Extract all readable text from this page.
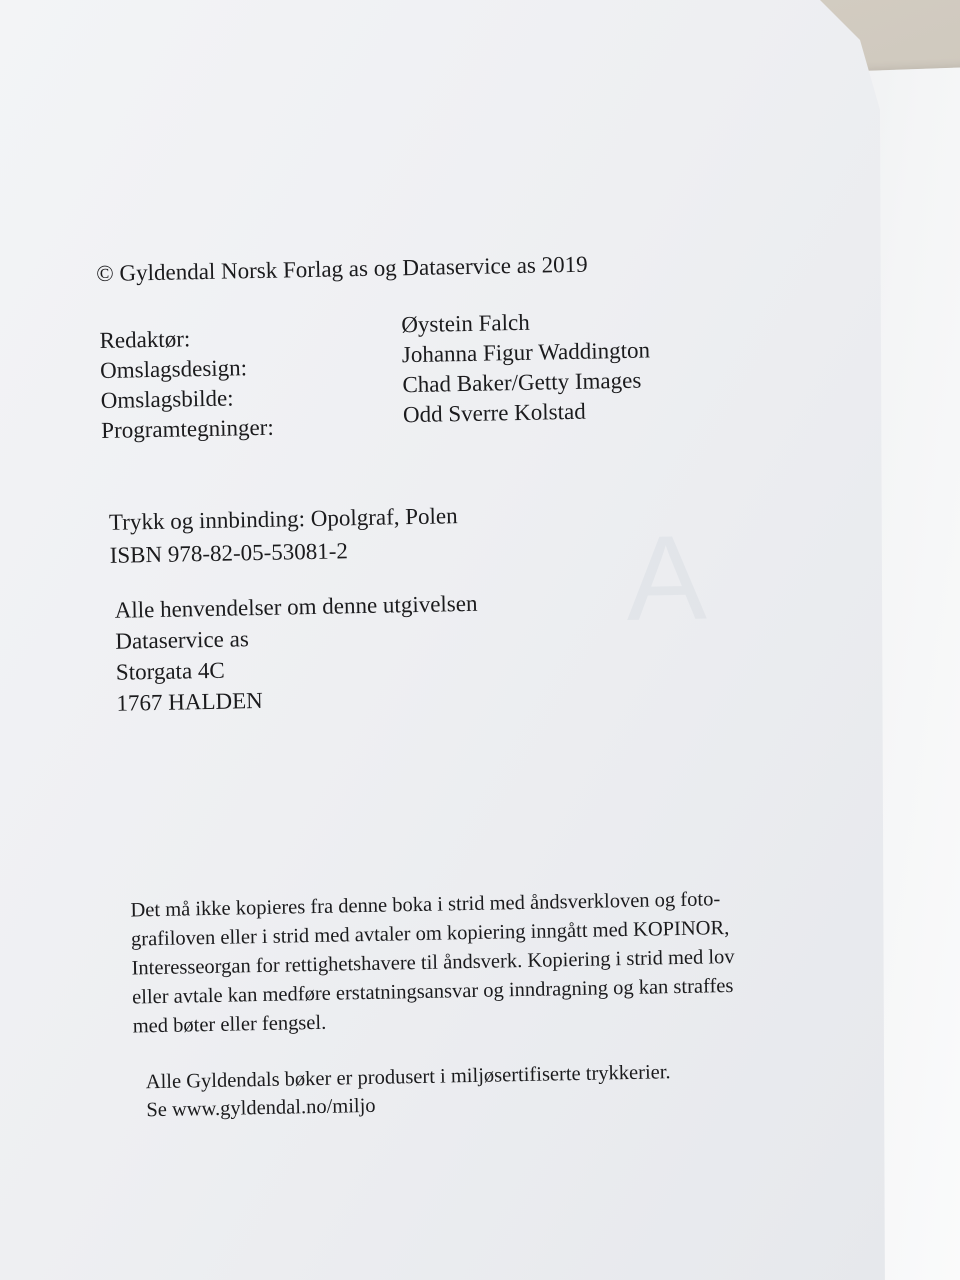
A
© Gyldendal Norsk Forlag as og Dataservice as 2019
Redaktør:
Øystein Falch
Omslagsdesign:
Johanna Figur Waddington
Omslagsbilde:
Chad Baker/Getty Images
Programtegninger:
Odd Sverre Kolstad
Trykk og innbinding: Opolgraf, Polen
ISBN 978-82-05-53081-2
Alle henvendelser om denne utgivelsen
Dataservice as
Storgata 4C
1767 HALDEN
Det må ikke kopieres fra denne boka i strid med åndsverkloven og foto-
grafiloven eller i strid med avtaler om kopiering inngått med KOPINOR,
Interesseorgan for rettighetshavere til åndsverk. Kopiering i strid med lov
eller avtale kan medføre erstatningsansvar og inndragning og kan straffes
med bøter eller fengsel.
Alle Gyldendals bøker er produsert i miljøsertifiserte trykkerier.
Se www.gyldendal.no/miljo
